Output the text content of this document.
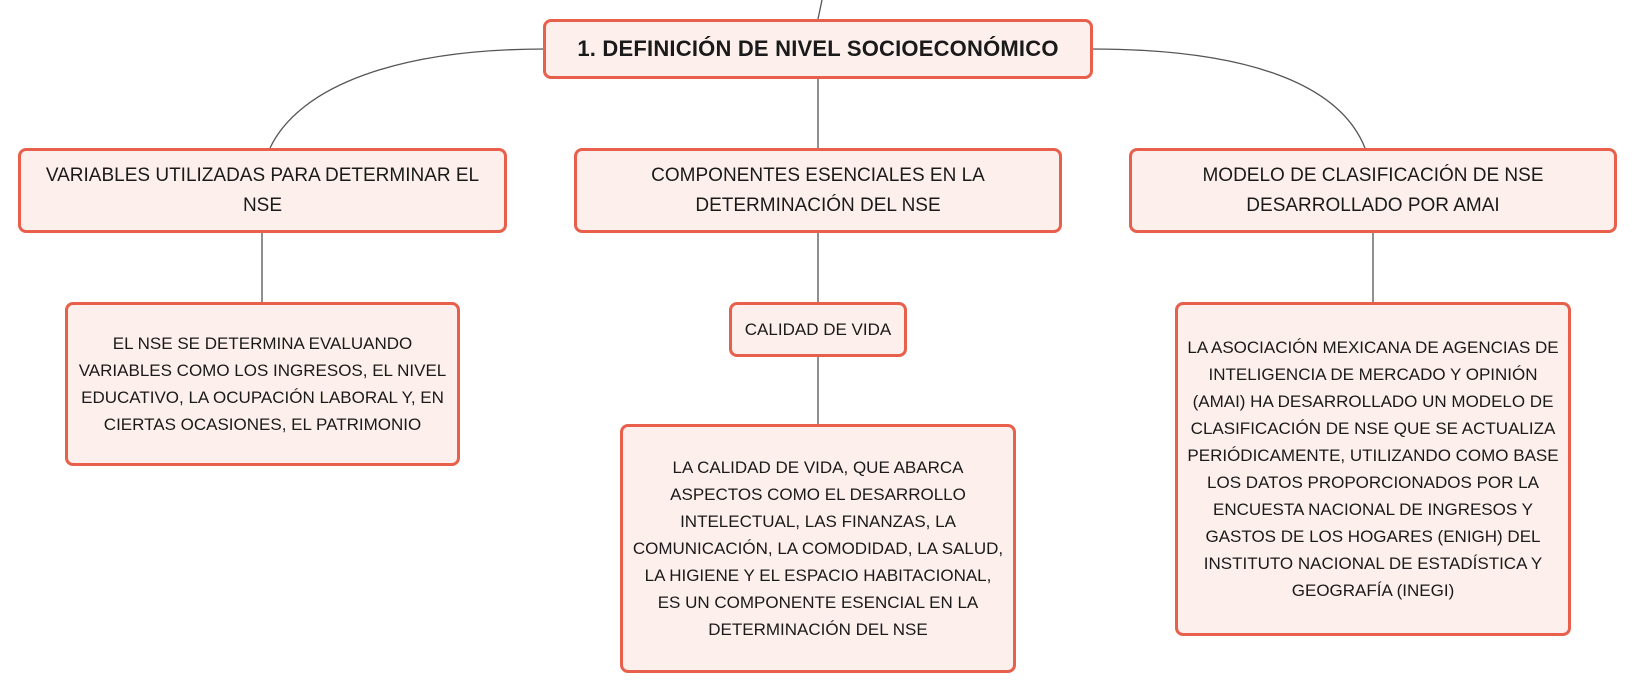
1. DEFINICIÓN DE NIVEL SOCIOECONÓMICO
VARIABLES UTILIZADAS PARA DETERMINAR EL NSE
COMPONENTES ESENCIALES EN LA DETERMINACIÓN DEL NSE
MODELO DE CLASIFICACIÓN DE NSE DESARROLLADO POR AMAI
EL NSE SE DETERMINA EVALUANDO VARIABLES COMO LOS INGRESOS, EL NIVEL EDUCATIVO, LA OCUPACIÓN LABORAL Y, EN CIERTAS OCASIONES, EL PATRIMONIO
CALIDAD DE VIDA
LA CALIDAD DE VIDA, QUE ABARCA ASPECTOS COMO EL DESARROLLO INTELECTUAL, LAS FINANZAS, LA COMUNICACIÓN, LA COMODIDAD, LA SALUD, LA HIGIENE Y EL ESPACIO HABITACIONAL, ES UN COMPONENTE ESENCIAL EN LA DETERMINACIÓN DEL NSE
LA ASOCIACIÓN MEXICANA DE AGENCIAS DE INTELIGENCIA DE MERCADO Y OPINIÓN (AMAI) HA DESARROLLADO UN MODELO DE CLASIFICACIÓN DE NSE QUE SE ACTUALIZA PERIÓDICAMENTE, UTILIZANDO COMO BASE LOS DATOS PROPORCIONADOS POR LA ENCUESTA NACIONAL DE INGRESOS Y GASTOS DE LOS HOGARES (ENIGH) DEL INSTITUTO NACIONAL DE ESTADÍSTICA Y GEOGRAFÍA (INEGI)
